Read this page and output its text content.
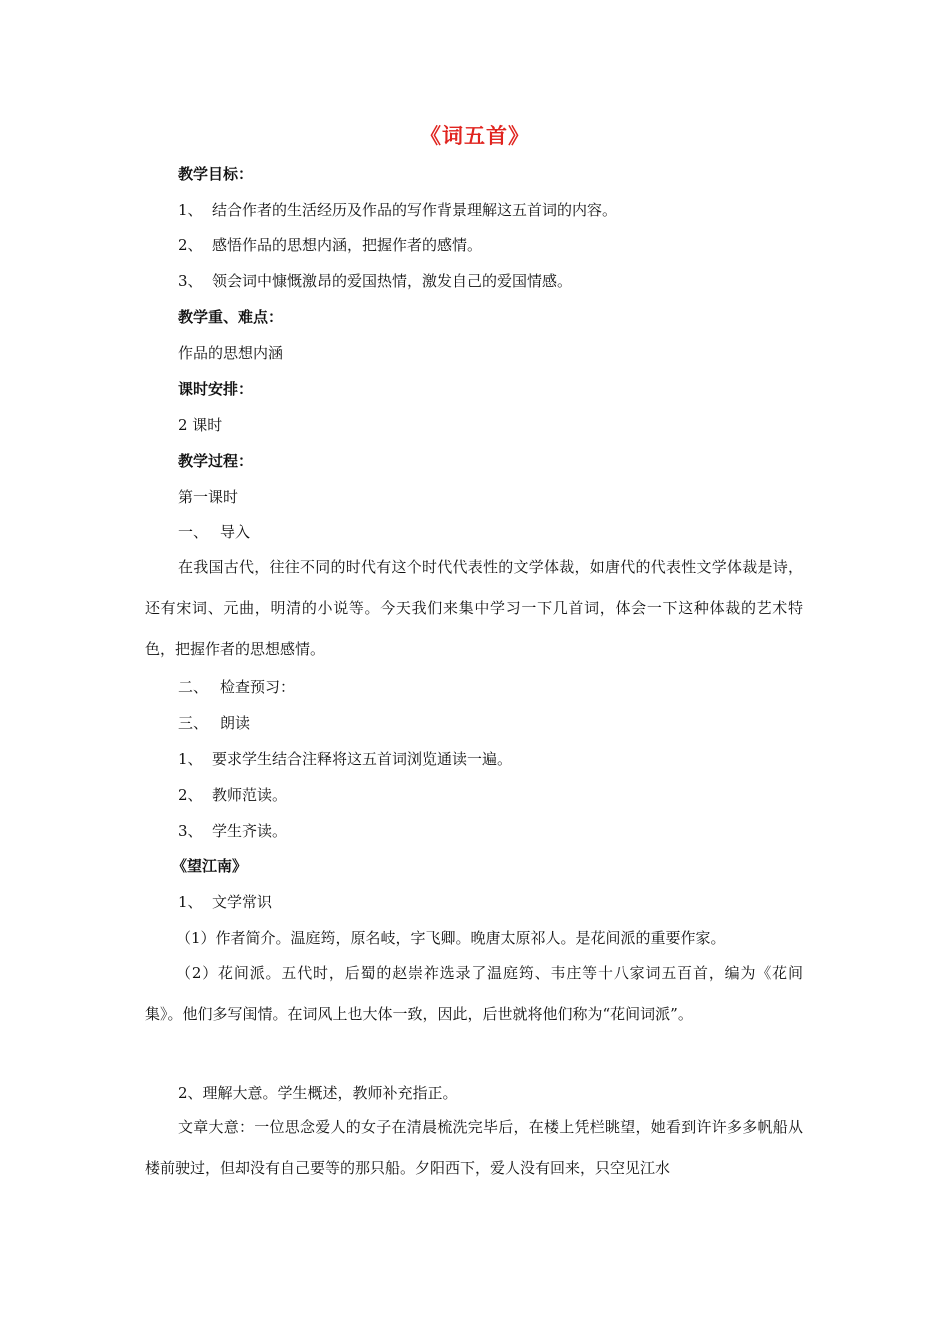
《词五首》
教学目标：
1、 结合作者的生活经历及作品的写作背景理解这五首词的内容。
2、 感悟作品的思想内涵，把握作者的感情。
3、 领会词中慷慨激昂的爱国热情，激发自己的爱国情感。
教学重、难点：
作品的思想内涵
课时安排：
2 课时
教学过程：
第一课时
一、 导入
在我国古代，往往不同的时代有这个时代代表性的文学体裁，如唐代的代表性文学体裁是诗，还有宋词、元曲，明清的小说等。今天我们来集中学习一下几首词，体会一下这种体裁的艺术特色，把握作者的思想感情。
二、 检查预习：
三、 朗读
1、 要求学生结合注释将这五首词浏览通读一遍。
2、 教师范读。
3、 学生齐读。
《望江南》
1、 文学常识
（1）作者简介。温庭筠，原名岐，字飞卿。晚唐太原祁人。是花间派的重要作家。
（2）花间派。五代时，后蜀的赵崇祚选录了温庭筠、韦庄等十八家词五百首，编为《花间集》。他们多写闺情。在词风上也大体一致，因此，后世就将他们称为“花间词派”。
2、理解大意。学生概述，教师补充指正。
文章大意：一位思念爱人的女子在清晨梳洗完毕后，在楼上凭栏眺望，她看到许许多多帆船从楼前驶过，但却没有自己要等的那只船。夕阳西下，爱人没有回来，只空见江水
